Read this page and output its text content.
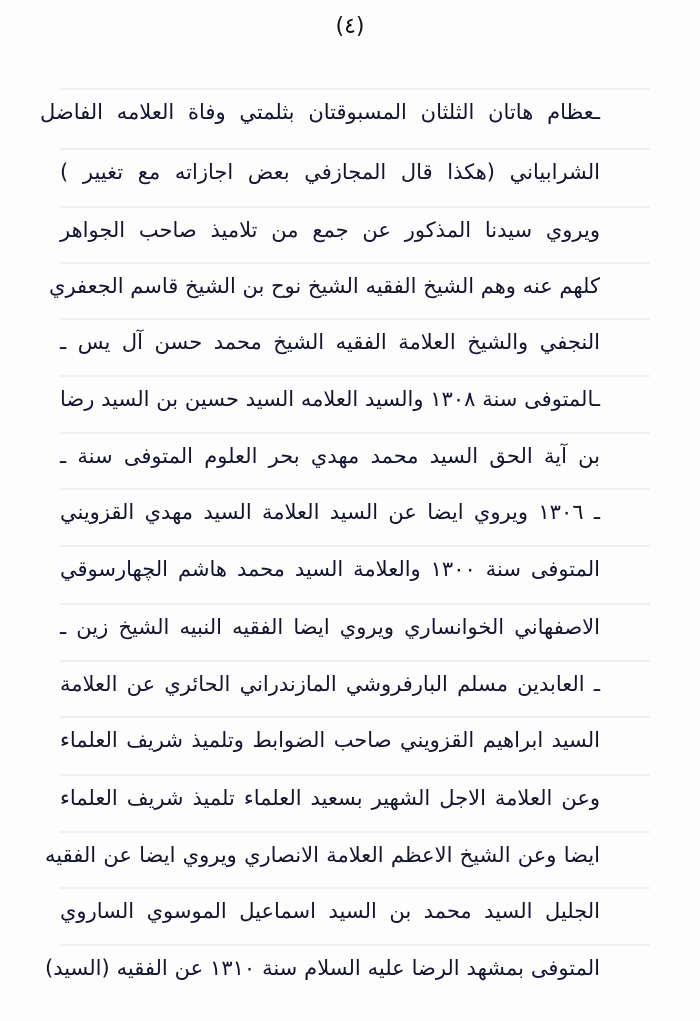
(٤)
ـعظام هاتان الثلثان المسبوقتان بثلمتي وفاة العلامه الفاضل
الشرابياني (هكذا قال المجازفي بعض اجازاته مع تغيير )
ويروي سيدنا المذكور عن جمع من تلاميذ صاحب الجواهر
كلهم عنه وهم الشيخ الفقيه الشيخ نوح بن الشيخ قاسم الجعفري
النجفي والشيخ العلامة الفقيه الشيخ محمد حسن آل يس ـ
ـالمتوفى سنة ١٣٠٨ والسيد العلامه السيد حسين بن السيد رضا
بن آية الحق السيد محمد مهدي بحر العلوم المتوفى سنة ـ
ـ ١٣٠٦ ويروي ايضا عن السيد العلامة السيد مهدي القزويني
المتوفى سنة ١٣٠٠ والعلامة السيد محمد هاشم الچهارسوقي
الاصفهاني الخوانساري ويروي ايضا الفقيه النبيه الشيخ زين ـ
ـ العابدين مسلم البارفروشي المازندراني الحائري عن العلامة
السيد ابراهيم القزويني صاحب الضوابط وتلميذ شريف العلماء
وعن العلامة الاجل الشهير بسعيد العلماء تلميذ شريف العلماء
ايضا وعن الشيخ الاعظم العلامة الانصاري ويروي ايضا عن الفقيه
الجليل السيد محمد بن السيد اسماعيل الموسوي الساروي
المتوفى بمشهد الرضا عليه السلام سنة ١٣١٠ عن الفقيه (السيد)
